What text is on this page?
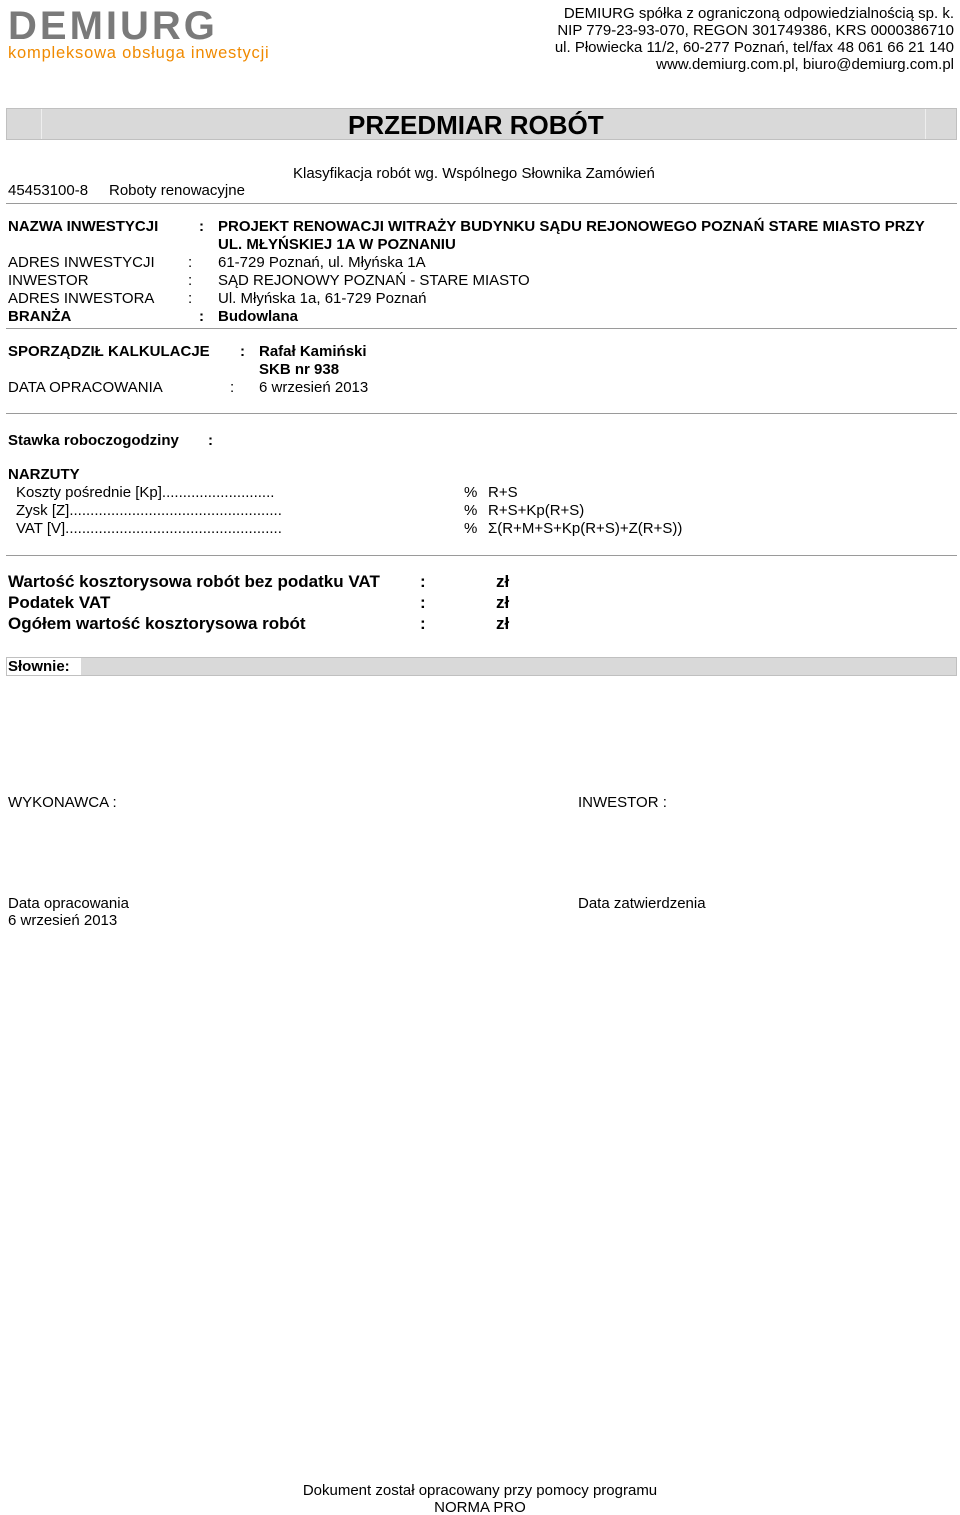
DEMIURG
kompleksowa obsługa inwestycji
DEMIURG spółka z ograniczoną odpowiedzialnością sp. k.
NIP 779-23-93-070, REGON 301749386, KRS 0000386710
ul. Płowiecka 11/2, 60-277 Poznań, tel/fax 48 061 66 21 140
www.demiurg.com.pl, biuro@demiurg.com.pl
PRZEDMIAR ROBÓT
Klasyfikacja robót wg. Wspólnego Słownika Zamówień
45453100-8 Roboty renowacyjne
NAZWA INWESTYCJI	: PROJEKT RENOWACJI WITRAŻY BUDYNKU SĄDU REJONOWEGO POZNAŃ STARE MIASTO PRZY
UL. MŁYŃSKIEJ 1A W POZNANIU
ADRES INWESTYCJI : 61-729 Poznań, ul. Młyńska 1A
INWESTOR	: SĄD REJONOWY POZNAŃ - STARE MIASTO
ADRES INWESTORA : Ul. Młyńska 1a, 61-729 Poznań
BRANŻA	: Budowlana
SPORZĄDZIŁ KALKULACJE : Rafał Kamiński
SKB nr 938
DATA OPRACOWANIA	: 6 wrzesień 2013
Stawka roboczogodziny :
NARZUTY
Koszty pośrednie [Kp]...........................	% R+S
Zysk [Z]...................................................	% R+S+Kp(R+S)
VAT [V]....................................................	% Σ(R+M+S+Kp(R+S)+Z(R+S))
Wartość kosztorysowa robót bez podatku VAT :	zł
Podatek VAT	:	zł
Ogółem wartość kosztorysowa robót	:	zł
Słownie:
WYKONAWCA :	INWESTOR :
Data opracowania
6 wrzesień 2013
Data zatwierdzenia
Dokument został opracowany przy pomocy programu
NORMA PRO
